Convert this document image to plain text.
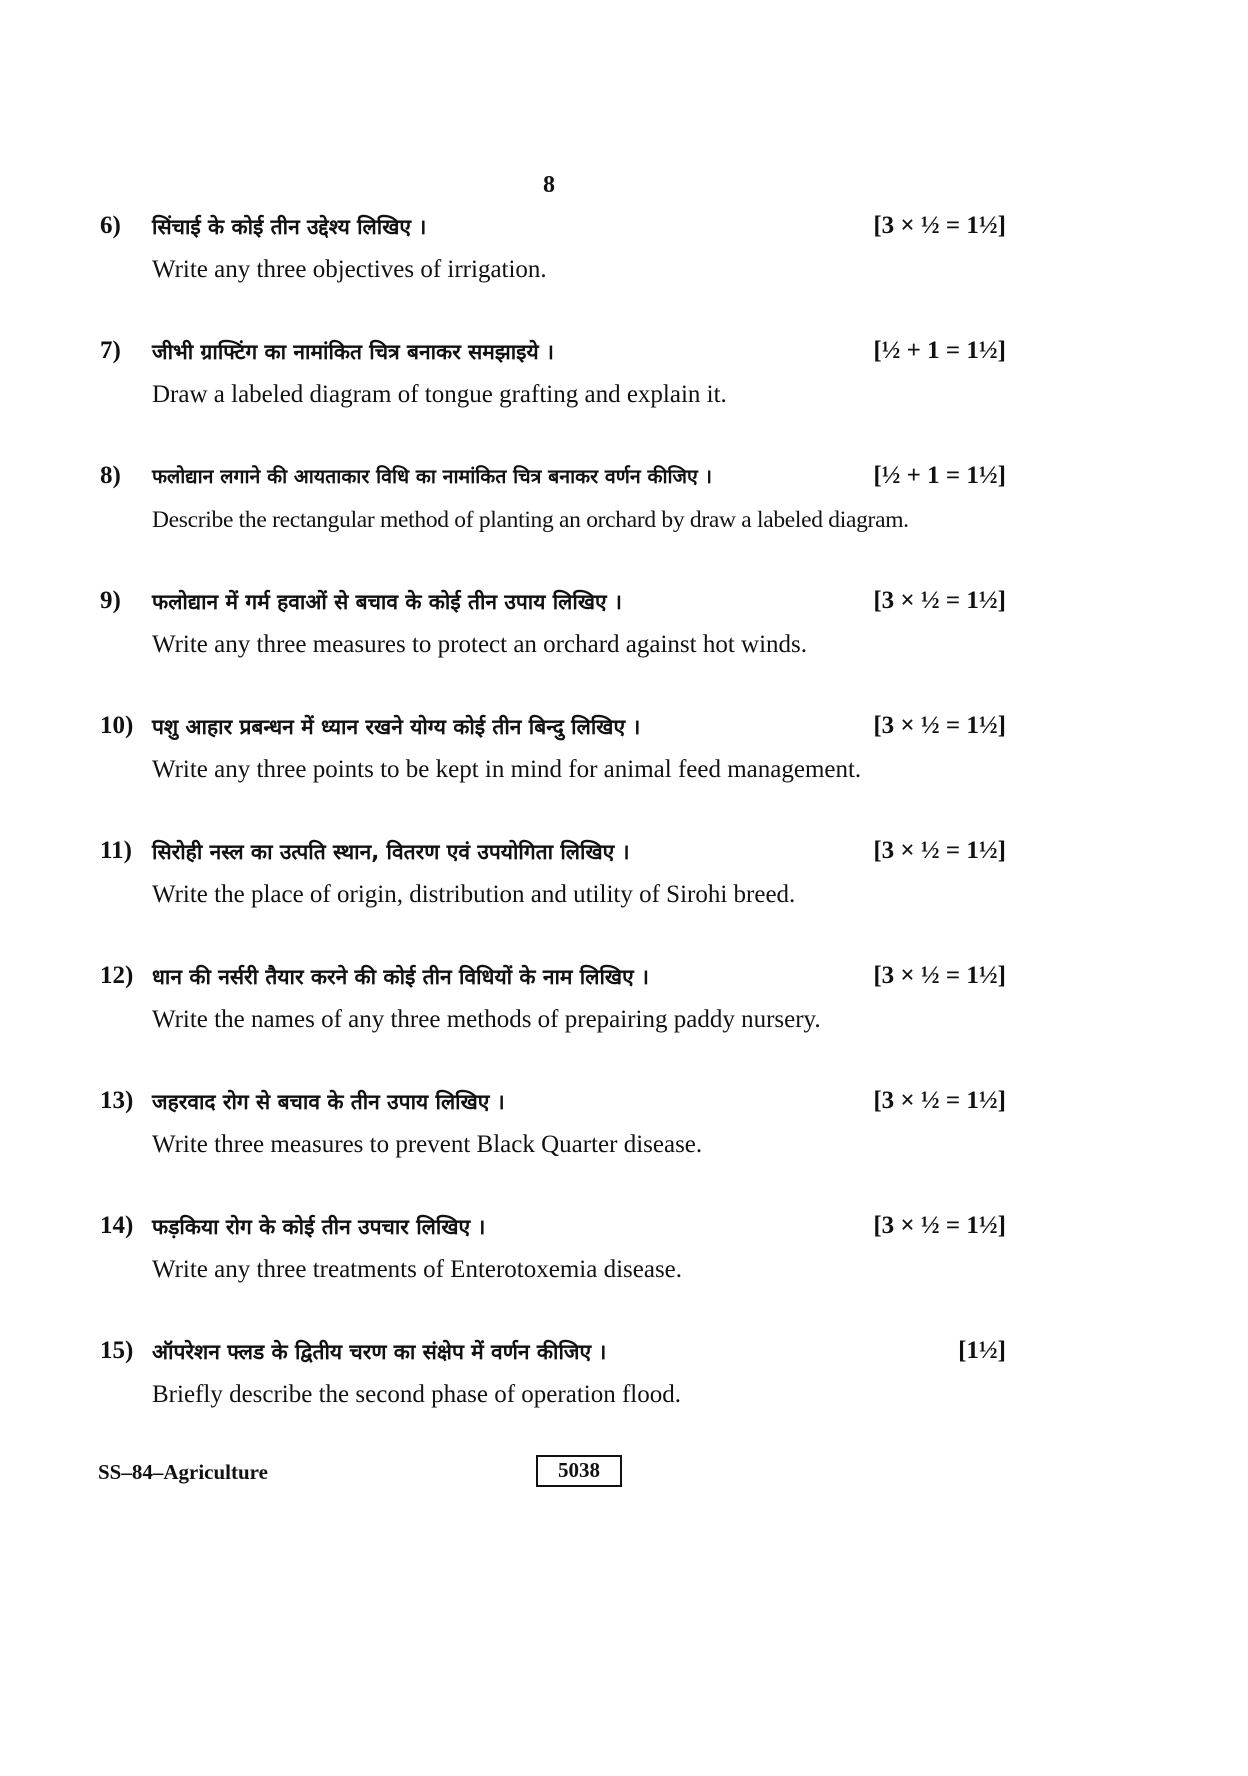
8
6) सिंचाई के कोई तीन उद्देश्य लिखिए ।	[3 × ½ = 1½]
Write any three objectives of irrigation.
7) जीभी ग्राफ्टिंग का नामांकित चित्र बनाकर समझाइये ।	[½ + 1 = 1½]
Draw a labeled diagram of tongue grafting and explain it.
8) फलोद्यान लगाने की आयताकार विधि का नामांकित चित्र बनाकर वर्णन कीजिए ।	[½ + 1 = 1½]
Describe the rectangular method of planting an orchard by draw a labeled diagram.
9) फलोद्यान में गर्म हवाओं से बचाव के कोई तीन उपाय लिखिए ।	[3 × ½ = 1½]
Write any three measures to protect an orchard against hot winds.
10) पशु आहार प्रबन्धन में ध्यान रखने योग्य कोई तीन बिन्दु लिखिए ।	[3 × ½ = 1½]
Write any three points to be kept in mind for animal feed management.
11) सिरोही नस्ल का उत्पति स्थान, वितरण एवं उपयोगिता लिखिए ।	[3 × ½ = 1½]
Write the place of origin, distribution and utility of Sirohi breed.
12) धान की नर्सरी तैयार करने की कोई तीन विधियों के नाम लिखिए ।	[3 × ½ = 1½]
Write the names of any three methods of prepairing paddy nursery.
13) जहरवाद रोग से बचाव के तीन उपाय लिखिए ।	[3 × ½ = 1½]
Write three measures to prevent Black Quarter disease.
14) फड़किया रोग के कोई तीन उपचार लिखिए ।	[3 × ½ = 1½]
Write any three treatments of Enterotoxemia disease.
15) ऑपरेशन फ्लड के द्वितीय चरण का संक्षेप में वर्णन कीजिए ।	[1½]
Briefly describe the second phase of operation flood.
SS–84–Agriculture	5038
